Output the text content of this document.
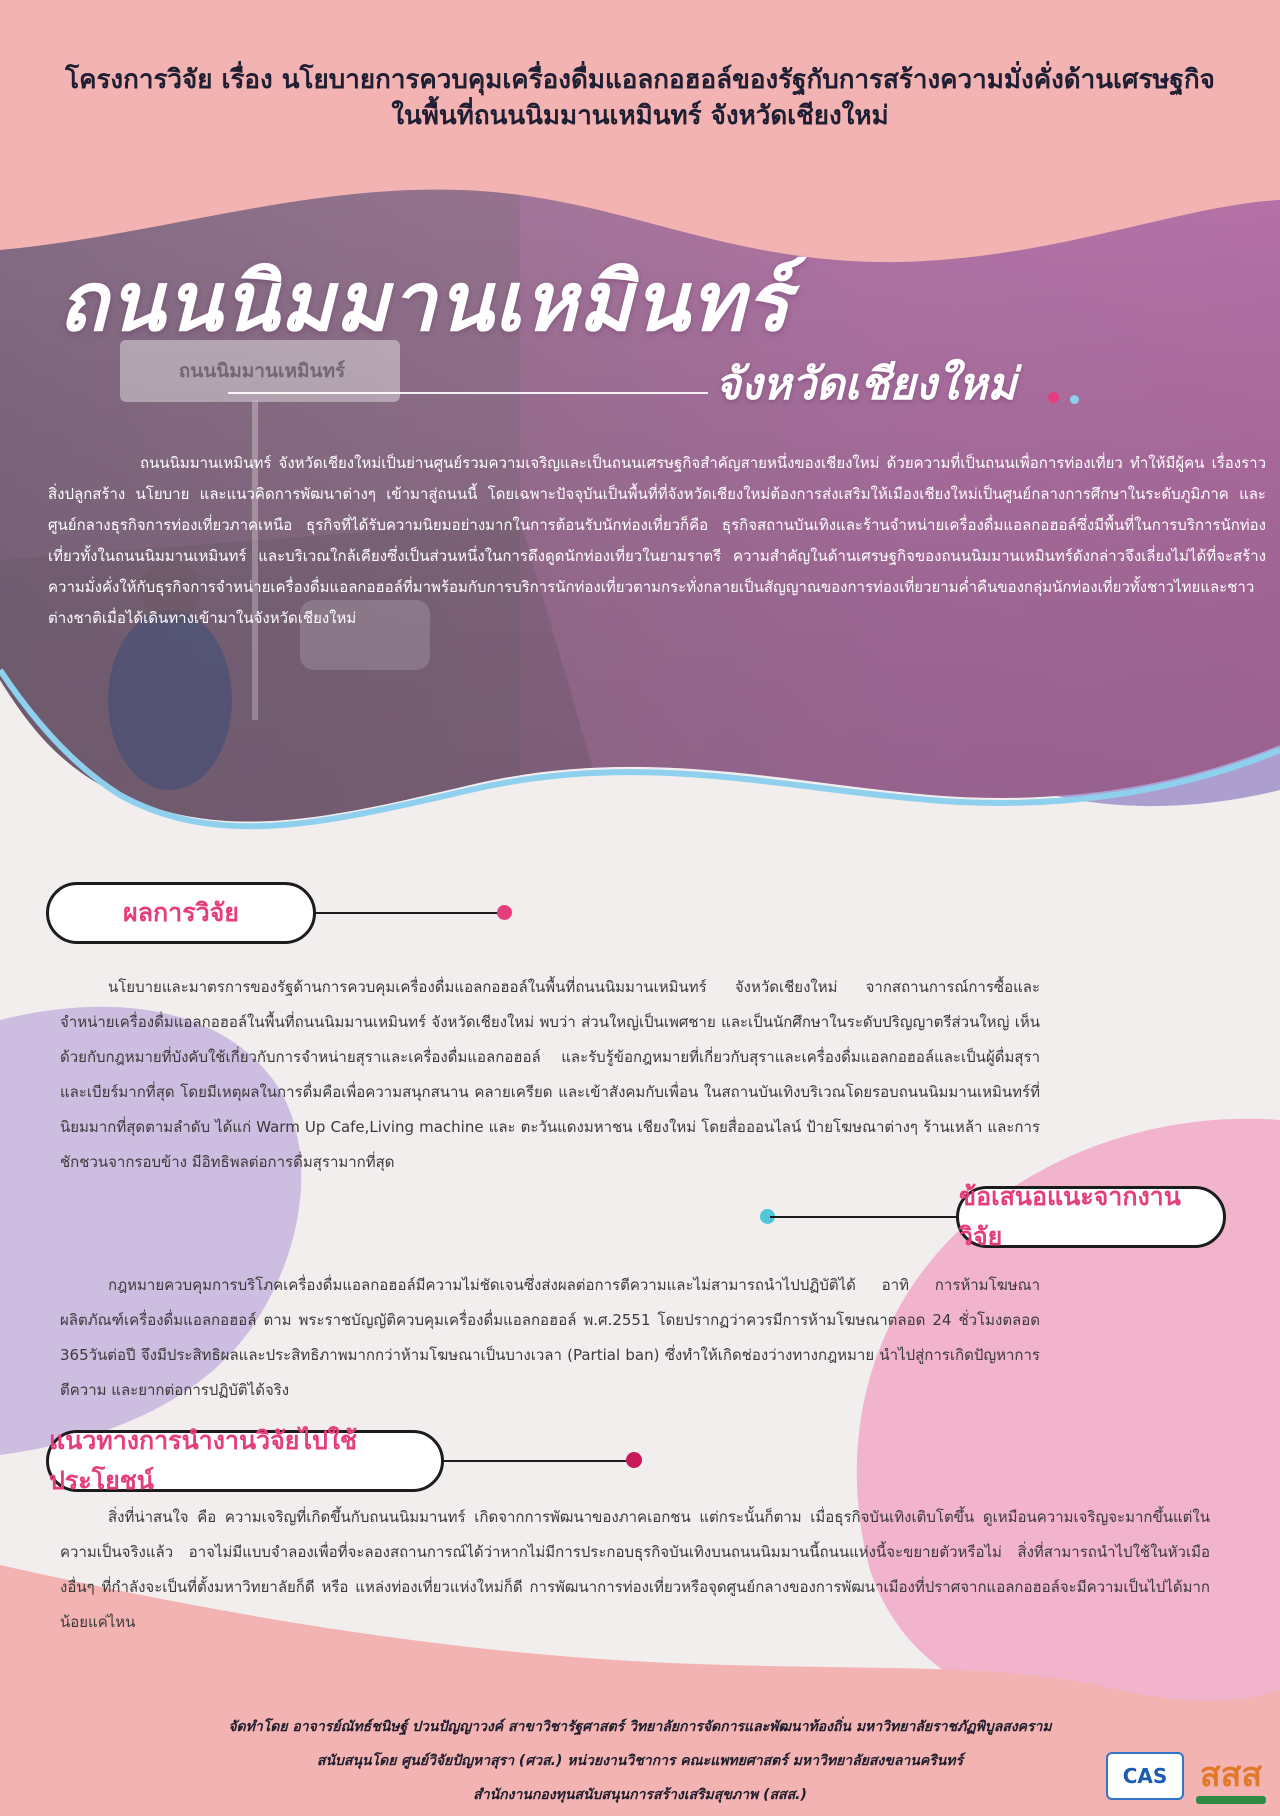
โครงการวิจัย เรื่อง นโยบายการควบคุมเครื่องดื่มแอลกอฮอล์ของรัฐกับการสร้างความมั่งคั่งด้านเศรษฐกิจ
ในพื้นที่ถนนนิมมานเหมินทร์ จังหวัดเชียงใหม่
ถนนนิมมานเหมินทร์
ถนนนิมมานเหมินทร์
จังหวัดเชียงใหม่
ถนนนิมมานเหมินทร์ จังหวัดเชียงใหม่เป็นย่านศูนย์รวมความเจริญและเป็นถนนเศรษฐกิจสำคัญสายหนึ่งของเชียงใหม่ ด้วยความที่เป็นถนนเพื่อการท่องเที่ยว ทำให้มีผู้คน เรื่องราว สิ่งปลูกสร้าง นโยบาย และแนวคิดการพัฒนาต่างๆ เข้ามาสู่ถนนนี้ โดยเฉพาะปัจจุบันเป็นพื้นที่ที่จังหวัดเชียงใหม่ต้องการส่งเสริมให้เมืองเชียงใหม่เป็นศูนย์กลางการศึกษาในระดับภูมิภาค และศูนย์กลางธุรกิจการท่องเที่ยวภาคเหนือ ธุรกิจที่ได้รับความนิยมอย่างมากในการต้อนรับนักท่องเที่ยวก็คือ ธุรกิจสถานบันเทิงและร้านจำหน่ายเครื่องดื่มแอลกอฮอล์ซึ่งมีพื้นที่ในการบริการนักท่องเที่ยวทั้งในถนนนิมมานเหมินทร์ และบริเวณใกล้เคียงซึ่งเป็นส่วนหนึ่งในการดึงดูดนักท่องเที่ยวในยามราตรี ความสำคัญในด้านเศรษฐกิจของถนนนิมมานเหมินทร์ดังกล่าวจึงเลี่ยงไม่ได้ที่จะสร้างความมั่งคั่งให้กับธุรกิจการจำหน่ายเครื่องดื่มแอลกอฮอล์ที่มาพร้อมกับการบริการนักท่องเที่ยวตามกระทั่งกลายเป็นสัญญาณของการท่องเที่ยวยามค่ำคืนของกลุ่มนักท่องเที่ยวทั้งชาวไทยและชาวต่างชาติเมื่อได้เดินทางเข้ามาในจังหวัดเชียงใหม่
ผลการวิจัย
นโยบายและมาตรการของรัฐด้านการควบคุมเครื่องดื่มแอลกอฮอล์ในพื้นที่ถนนนิมมานเหมินทร์ จังหวัดเชียงใหม่ จากสถานการณ์การซื้อและจำหน่ายเครื่องดื่มแอลกอฮอล์ในพื้นที่ถนนนิมมานเหมินทร์ จังหวัดเชียงใหม่ พบว่า ส่วนใหญ่เป็นเพศชาย และเป็นนักศึกษาในระดับปริญญาตรีส่วนใหญ่ เห็นด้วยกับกฎหมายที่บังคับใช้เกี่ยวกับการจำหน่ายสุราและเครื่องดื่มแอลกอฮอล์ และรับรู้ข้อกฎหมายที่เกี่ยวกับสุราและเครื่องดื่มแอลกอฮอล์และเป็นผู้ดื่มสุราและเบียร์มากที่สุด โดยมีเหตุผลในการดื่มคือเพื่อความสนุกสนาน คลายเครียด และเข้าสังคมกับเพื่อน ในสถานบันเทิงบริเวณโดยรอบถนนนิมมานเหมินทร์ที่นิยมมากที่สุดตามลำดับ ได้แก่ Warm Up Cafe,Living machine และ ตะวันแดงมหาชน เชียงใหม่ โดยสื่อออนไลน์ ป้ายโฆษณาต่างๆ ร้านเหล้า และการชักชวนจากรอบข้าง มีอิทธิพลต่อการดื่มสุรามากที่สุด
ข้อเสนอแนะจากงานวิจัย
กฎหมายควบคุมการบริโภคเครื่องดื่มแอลกอฮอล์มีความไม่ชัดเจนซึ่งส่งผลต่อการตีความและไม่สามารถนำไปปฏิบัติได้ อาทิ การห้ามโฆษณาผลิตภัณฑ์เครื่องดื่มแอลกอฮอล์ ตาม พระราชบัญญัติควบคุมเครื่องดื่มแอลกอฮอล์ พ.ศ.2551 โดยปรากฏว่าควรมีการห้ามโฆษณาตลอด 24 ชั่วโมงตลอด 365วันต่อปี จึงมีประสิทธิผลและประสิทธิภาพมากกว่าห้ามโฆษณาเป็นบางเวลา (Partial ban) ซึ่งทำให้เกิดช่องว่างทางกฎหมาย นำไปสู่การเกิดปัญหาการตีความ และยากต่อการปฏิบัติได้จริง
แนวทางการนำงานวิจัยไปใช้ประโยชน์
สิ่งที่น่าสนใจ คือ ความเจริญที่เกิดขึ้นกับถนนนิมมานทร์ เกิดจากการพัฒนาของภาคเอกชน แต่กระนั้นก็ตาม เมื่อธุรกิจบันเทิงเติบโตขึ้น ดูเหมือนความเจริญจะมากขึ้นแต่ในความเป็นจริงแล้ว อาจไม่มีแบบจำลองเพื่อที่จะลองสถานการณ์ได้ว่าหากไม่มีการประกอบธุรกิจบันเทิงบนถนนนิมมานนี้ถนนแห่งนี้จะขยายตัวหรือไม่ สิ่งที่สามารถนำไปใช้ในหัวเมืองอื่นๆ ที่กำลังจะเป็นที่ตั้งมหาวิทยาลัยก็ดี หรือ แหล่งท่องเที่ยวแห่งใหม่ก็ดี การพัฒนาการท่องเที่ยวหรือจุดศูนย์กลางของการพัฒนาเมืองที่ปราศจากแอลกอฮอล์จะมีความเป็นไปได้มากน้อยแค่ไหน
จัดทำโดย อาจารย์ณัทธ์ชนิษฐ์ ปวนปัญญาวงค์ สาขาวิชารัฐศาสตร์ วิทยาลัยการจัดการและพัฒนาท้องถิ่น มหาวิทยาลัยราชภัฏพิบูลสงคราม
สนับสนุนโดย ศูนย์วิจัยปัญหาสุรา (ศวส.) หน่วยงานวิชาการ คณะแพทยศาสตร์ มหาวิทยาลัยสงขลานครินทร์
สำนักงานกองทุนสนับสนุนการสร้างเสริมสุขภาพ (สสส.)
CAS สสส
